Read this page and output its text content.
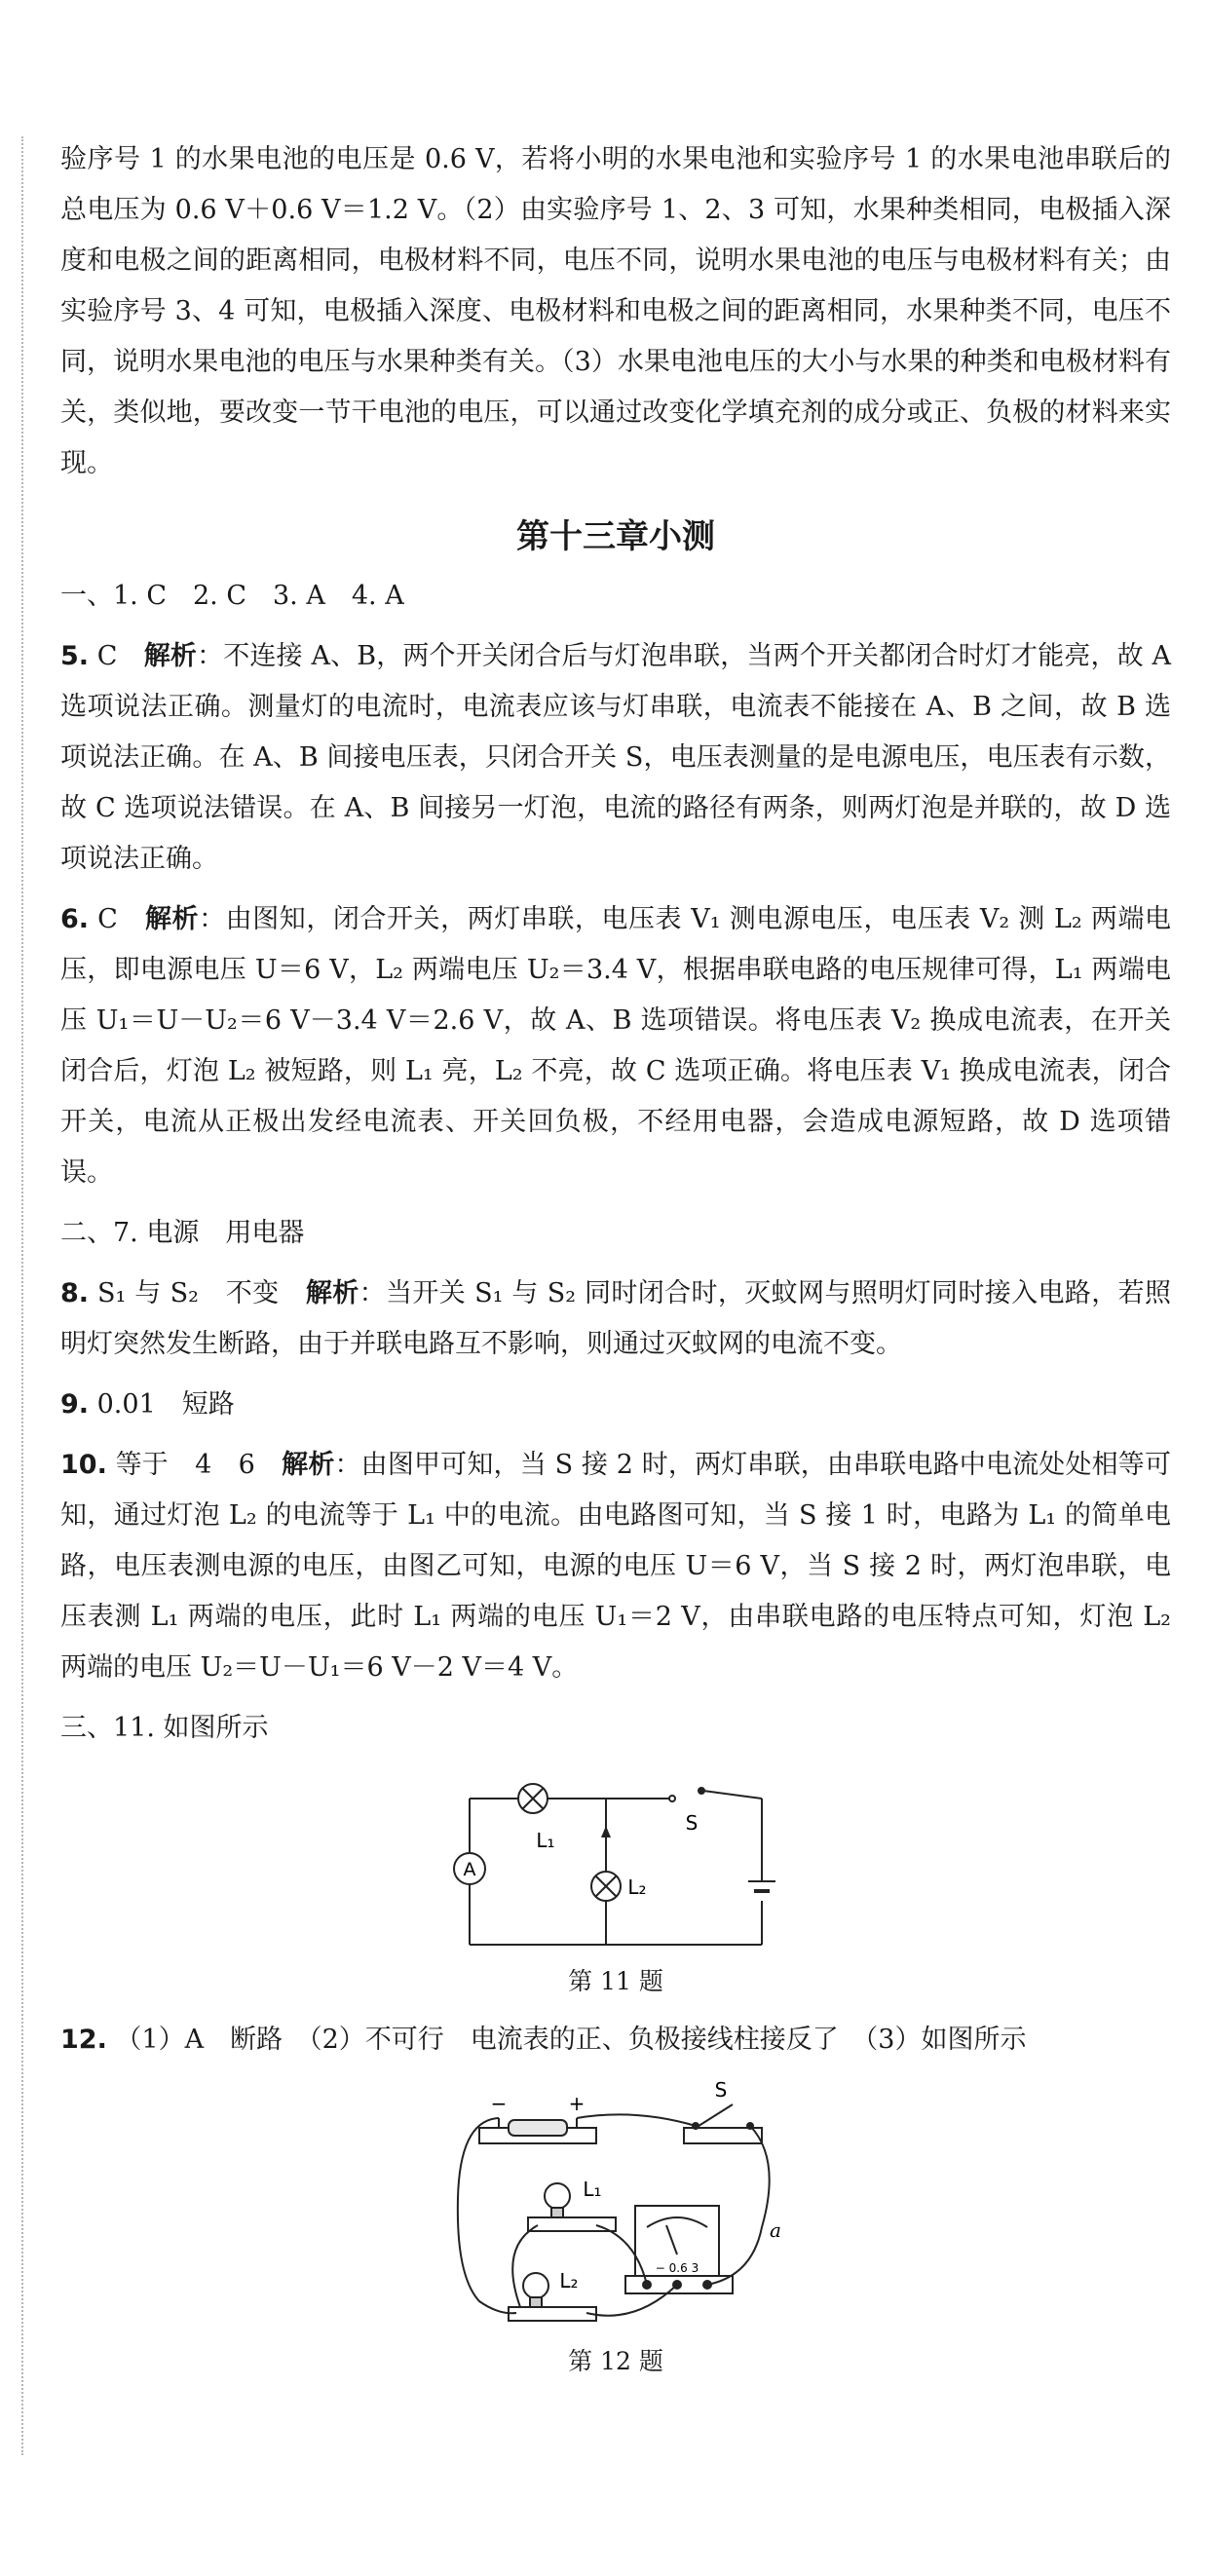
验序号 1 的水果电池的电压是 0.6 V，若将小明的水果电池和实验序号 1 的水果电池串联后的总电压为 0.6 V＋0.6 V＝1.2 V。（2）由实验序号 1、2、3 可知，水果种类相同，电极插入深度和电极之间的距离相同，电极材料不同，电压不同，说明水果电池的电压与电极材料有关；由实验序号 3、4 可知，电极插入深度、电极材料和电极之间的距离相同，水果种类不同，电压不同，说明水果电池的电压与水果种类有关。（3）水果电池电压的大小与水果的种类和电极材料有关，类似地，要改变一节干电池的电压，可以通过改变化学填充剂的成分或正、负极的材料来实现。

第十三章小测

一、1. C　2. C　3. A　4. A

5. C　解析：不连接 A、B，两个开关闭合后与灯泡串联，当两个开关都闭合时灯才能亮，故 A 选项说法正确。测量灯的电流时，电流表应该与灯串联，电流表不能接在 A、B 之间，故 B 选项说法正确。在 A、B 间接电压表，只闭合开关 S，电压表测量的是电源电压，电压表有示数，故 C 选项说法错误。在 A、B 间接另一灯泡，电流的路径有两条，则两灯泡是并联的，故 D 选项说法正确。

6. C　解析：由图知，闭合开关，两灯串联，电压表 V₁ 测电源电压，电压表 V₂ 测 L₂ 两端电压，即电源电压 U＝6 V，L₂ 两端电压 U₂＝3.4 V，根据串联电路的电压规律可得，L₁ 两端电压 U₁＝U－U₂＝6 V－3.4 V＝2.6 V，故 A、B 选项错误。将电压表 V₂ 换成电流表，在开关闭合后，灯泡 L₂ 被短路，则 L₁ 亮，L₂ 不亮，故 C 选项正确。将电压表 V₁ 换成电流表，闭合开关，电流从正极出发经电流表、开关回负极，不经用电器，会造成电源短路，故 D 选项错误。

二、7. 电源　用电器

8. S₁ 与 S₂　不变　解析：当开关 S₁ 与 S₂ 同时闭合时，灭蚊网与照明灯同时接入电路，若照明灯突然发生断路，由于并联电路互不影响，则通过灭蚊网的电流不变。

9. 0.01　短路

10. 等于　4　6　解析：由图甲可知，当 S 接 2 时，两灯串联，由串联电路中电流处处相等可知，通过灯泡 L₂ 的电流等于 L₁ 中的电流。由电路图可知，当 S 接 1 时，电路为 L₁ 的简单电路，电压表测电源的电压，由图乙可知，电源的电压 U＝6 V，当 S 接 2 时，两灯泡串联，电压表测 L₁ 两端的电压，此时 L₁ 两端的电压 U₁＝2 V，由串联电路的电压特点可知，灯泡 L₂ 两端的电压 U₂＝U－U₁＝6 V－2 V＝4 V。

三、11. 如图所示

A
L₁
L₂
S
第 11 题

12. （1）A　断路　（2）不可行　电流表的正、负极接线柱接反了　（3）如图所示

−	+
S
L₁
L₂
a
− 0.6 3
第 12 题
